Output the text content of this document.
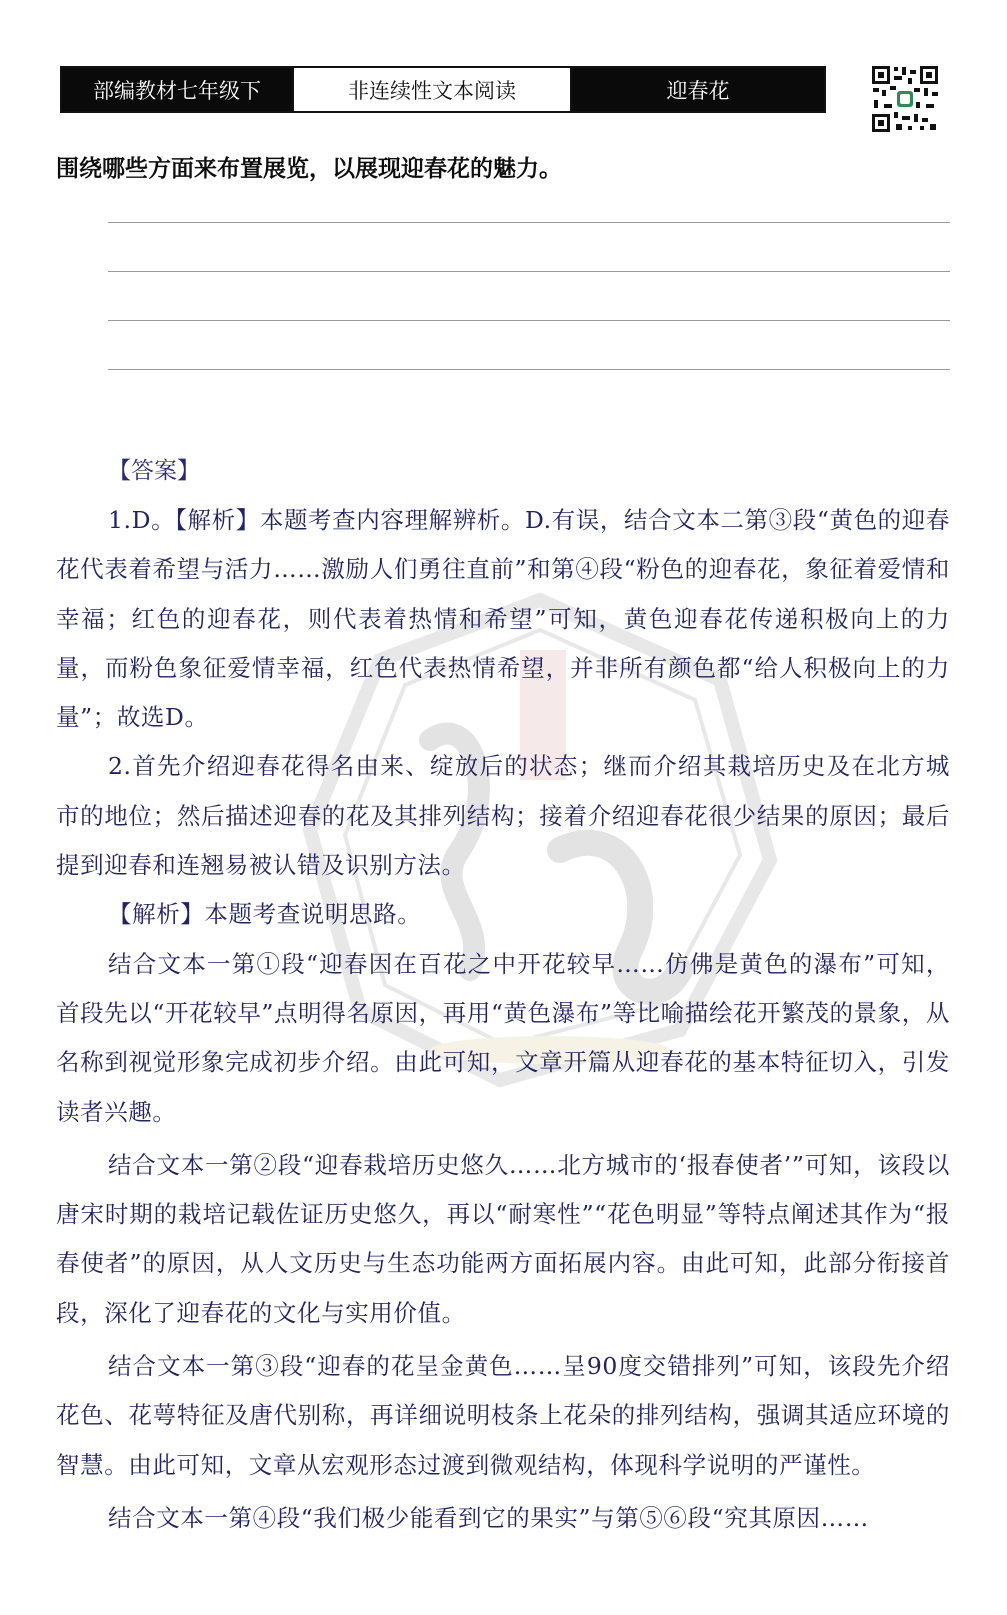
部编教材七年级下	非连续性文本阅读	迎春花
围绕哪些方面来布置展览，以展现迎春花的魅力。
【答案】

1.D。【解析】本题考查内容理解辨析。D.有误，结合文本二第③段“黄色的迎春花代表着希望与活力……激励人们勇往直前”和第④段“粉色的迎春花，象征着爱情和幸福；红色的迎春花，则代表着热情和希望”可知，黄色迎春花传递积极向上的力量，而粉色象征爱情幸福，红色代表热情希望，并非所有颜色都“给人积极向上的力量”；故选D。

2.首先介绍迎春花得名由来、绽放后的状态；继而介绍其栽培历史及在北方城市的地位；然后描述迎春的花及其排列结构；接着介绍迎春花很少结果的原因；最后提到迎春和连翘易被认错及识别方法。

【解析】本题考查说明思路。

结合文本一第①段“迎春因在百花之中开花较早……仿佛是黄色的瀑布”可知，首段先以“开花较早”点明得名原因，再用“黄色瀑布”等比喻描绘花开繁茂的景象，从名称到视觉形象完成初步介绍。由此可知，文章开篇从迎春花的基本特征切入，引发读者兴趣。

结合文本一第②段“迎春栽培历史悠久……北方城市的‘报春使者’”可知，该段以唐宋时期的栽培记载佐证历史悠久，再以“耐寒性”“花色明显”等特点阐述其作为“报春使者”的原因，从人文历史与生态功能两方面拓展内容。由此可知，此部分衔接首段，深化了迎春花的文化与实用价值。

结合文本一第③段“迎春的花呈金黄色……呈90度交错排列”可知，该段先介绍花色、花萼特征及唐代别称，再详细说明枝条上花朵的排列结构，强调其适应环境的智慧。由此可知，文章从宏观形态过渡到微观结构，体现科学说明的严谨性。

结合文本一第④段“我们极少能看到它的果实”与第⑤⑥段“究其原因……
